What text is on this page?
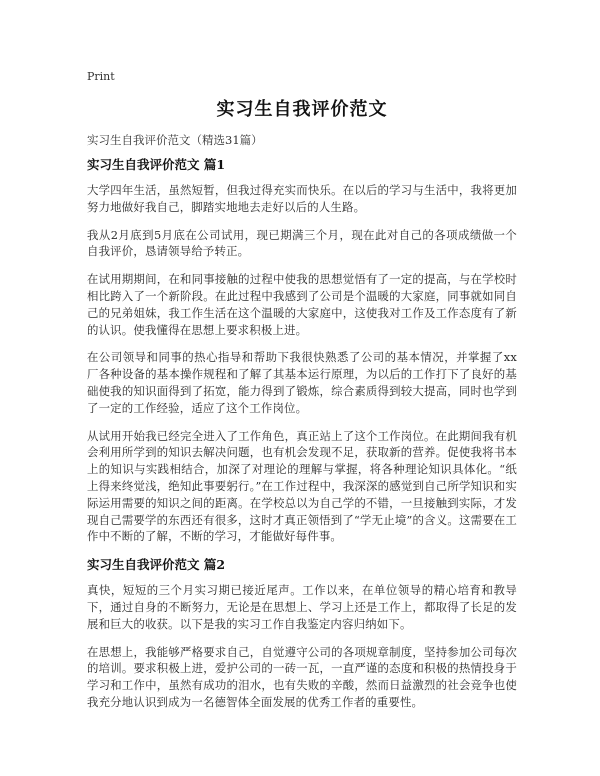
Print
实习生自我评价范文
实习生自我评价范文（精选31篇）
实习生自我评价范文 篇1

大学四年生活，虽然短暂，但我过得充实而快乐。在以后的学习与生活中，我将更加努力地做好我自己，脚踏实地地去走好以后的人生路。

我从2月底到5月底在公司试用，现已期满三个月，现在此对自己的各项成绩做一个自我评价，恳请领导给予转正。

在试用期期间，在和同事接触的过程中使我的思想觉悟有了一定的提高，与在学校时相比跨入了一个新阶段。在此过程中我感到了公司是个温暖的大家庭，同事就如同自己的兄弟姐妹，我工作生活在这个温暖的大家庭中，这使我对工作及工作态度有了新的认识。使我懂得在思想上要求积极上进。

在公司领导和同事的热心指导和帮助下我很快熟悉了公司的基本情况，并掌握了xx厂各种设备的基本操作规程和了解了其基本运行原理，为以后的工作打下了良好的基础使我的知识面得到了拓宽，能力得到了锻炼，综合素质得到较大提高，同时也学到了一定的工作经验，适应了这个工作岗位。

从试用开始我已经完全进入了工作角色，真正站上了这个工作岗位。在此期间我有机会利用所学到的知识去解决问题，也有机会发现不足，获取新的营养。促使我将书本上的知识与实践相结合，加深了对理论的理解与掌握，将各种理论知识具体化。“纸上得来终觉浅，绝知此事要躬行。”在工作过程中，我深深的感觉到自己所学知识和实际运用需要的知识之间的距离。在学校总以为自己学的不错，一旦接触到实际，才发现自己需要学的东西还有很多，这时才真正领悟到了“学无止境”的含义。这需要在工作中不断的了解，不断的学习，才能做好每件事。

实习生自我评价范文 篇2

真快，短短的三个月实习期已接近尾声。工作以来，在单位领导的精心培育和教导下，通过自身的不断努力，无论是在思想上、学习上还是工作上，都取得了长足的发展和巨大的收获。以下是我的实习工作自我鉴定内容归纳如下。

在思想上，我能够严格要求自己，自觉遵守公司的各项规章制度，坚持参加公司每次的培训。要求积极上进，爱护公司的一砖一瓦，一直严谨的态度和积极的热情投身于学习和工作中，虽然有成功的泪水，也有失败的辛酸，然而日益激烈的社会竞争也使我充分地认识到成为一名德智体全面发展的优秀工作者的重要性。
